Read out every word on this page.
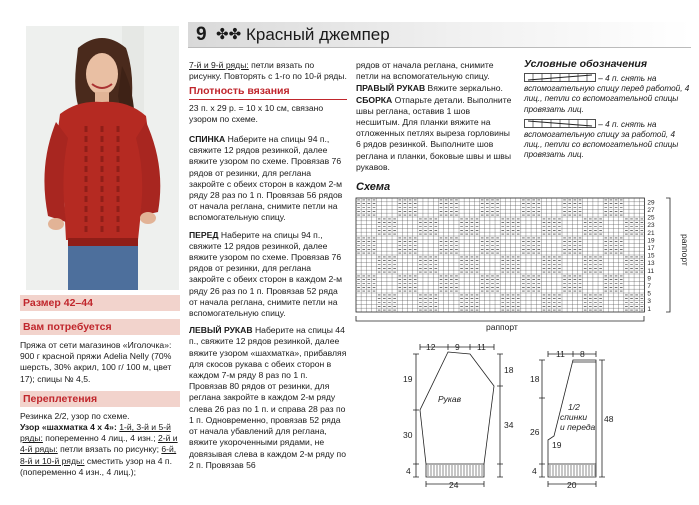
9 ✤✤ Красный джемпер
Размер 42–44
Вам потребуется
Пряжа от сети магазинов «Иголочка»: 900 г красной пряжи Adelia Nelly (70% шерсть, 30% акрил, 100 г/ 100 м, цвет 17); спицы № 4,5.
Переплетения
Резинка 2/2, узор по схеме.
Узор «шахматка 4 х 4»: 1-й, 3-й и 5-й ряды: попеременно 4 лиц., 4 изн.; 2-й и 4-й ряды: петли вязать по рисунку; 6-й, 8-й и 10-й ряды: сместить узор на 4 п. (попеременно 4 изн., 4 лиц.);
7-й и 9-й ряды: петли вязать по рисунку. Повторять с 1-го по 10-й ряды.
Плотность вязания
23 п. х 29 р. = 10 х 10 см, связано узором по схеме.
СПИНКА Наберите на спицы 94 п., свяжите 12 рядов резинкой, далее вяжите узором по схеме. Провязав 76 рядов от резинки, для реглана закройте с обеих сторон в каждом 2-м ряду 28 раз по 1 п. Провязав 56 рядов от начала реглана, снимите петли на вспомогательную спицу.
ПЕРЕД Наберите на спицы 94 п., свяжите 12 рядов резинкой, далее вяжите узором по схеме. Провязав 76 рядов от резинки, для реглана закройте с обеих сторон в каждом 2-м ряду 26 раз по 1 п. Провязав 52 ряда от начала реглана, снимите петли на вспомогательную спицу.
ЛЕВЫЙ РУКАВ Наберите на спицы 44 п., свяжите 12 рядов резинкой, далее вяжите узором «шахматка», прибавляя для скосов рукава с обеих сторон в каждом 7-м ряду 8 раз по 1 п. Провязав 80 рядов от резинки, для реглана закройте в каждом 2-м ряду слева 26 раз по 1 п. и справа 28 раз по 1 п. Одновременно, провязав 52 ряда от начала убавлений для реглана, вяжите укороченными рядами, не довязывая слева в каждом 2-м ряду по 2 п. Провязав 56
рядов от начала реглана, снимите петли на вспомогательную спицу.
ПРАВЫЙ РУКАВ Вяжите зеркально.
СБОРКА Отпарьте детали. Выполните швы реглана, оставив 1 шов несшитым. Для планки вяжите на отложенных петлях выреза горловины 6 рядов резинкой. Выполните шов реглана и планки, боковые швы и швы рукавов.
Условные обозначения
– 4 п. снять на вспомогательную спицу перед работой, 4 лиц., петли со вспомогательной спицы провязать лиц.
– 4 п. снять на вспомогательную спицу за работой, 4 лиц., петли со вспомогательной спицы провязать лиц.
Схема
29
27
25
23
21
19
17
15
13
11
9
7
5
3
1
раппорт
раппорт
12 9 11
Рукав
19
30
4
18
34
24
11 8
1/2
спинки
и переда
18
26
19
4
48
20
